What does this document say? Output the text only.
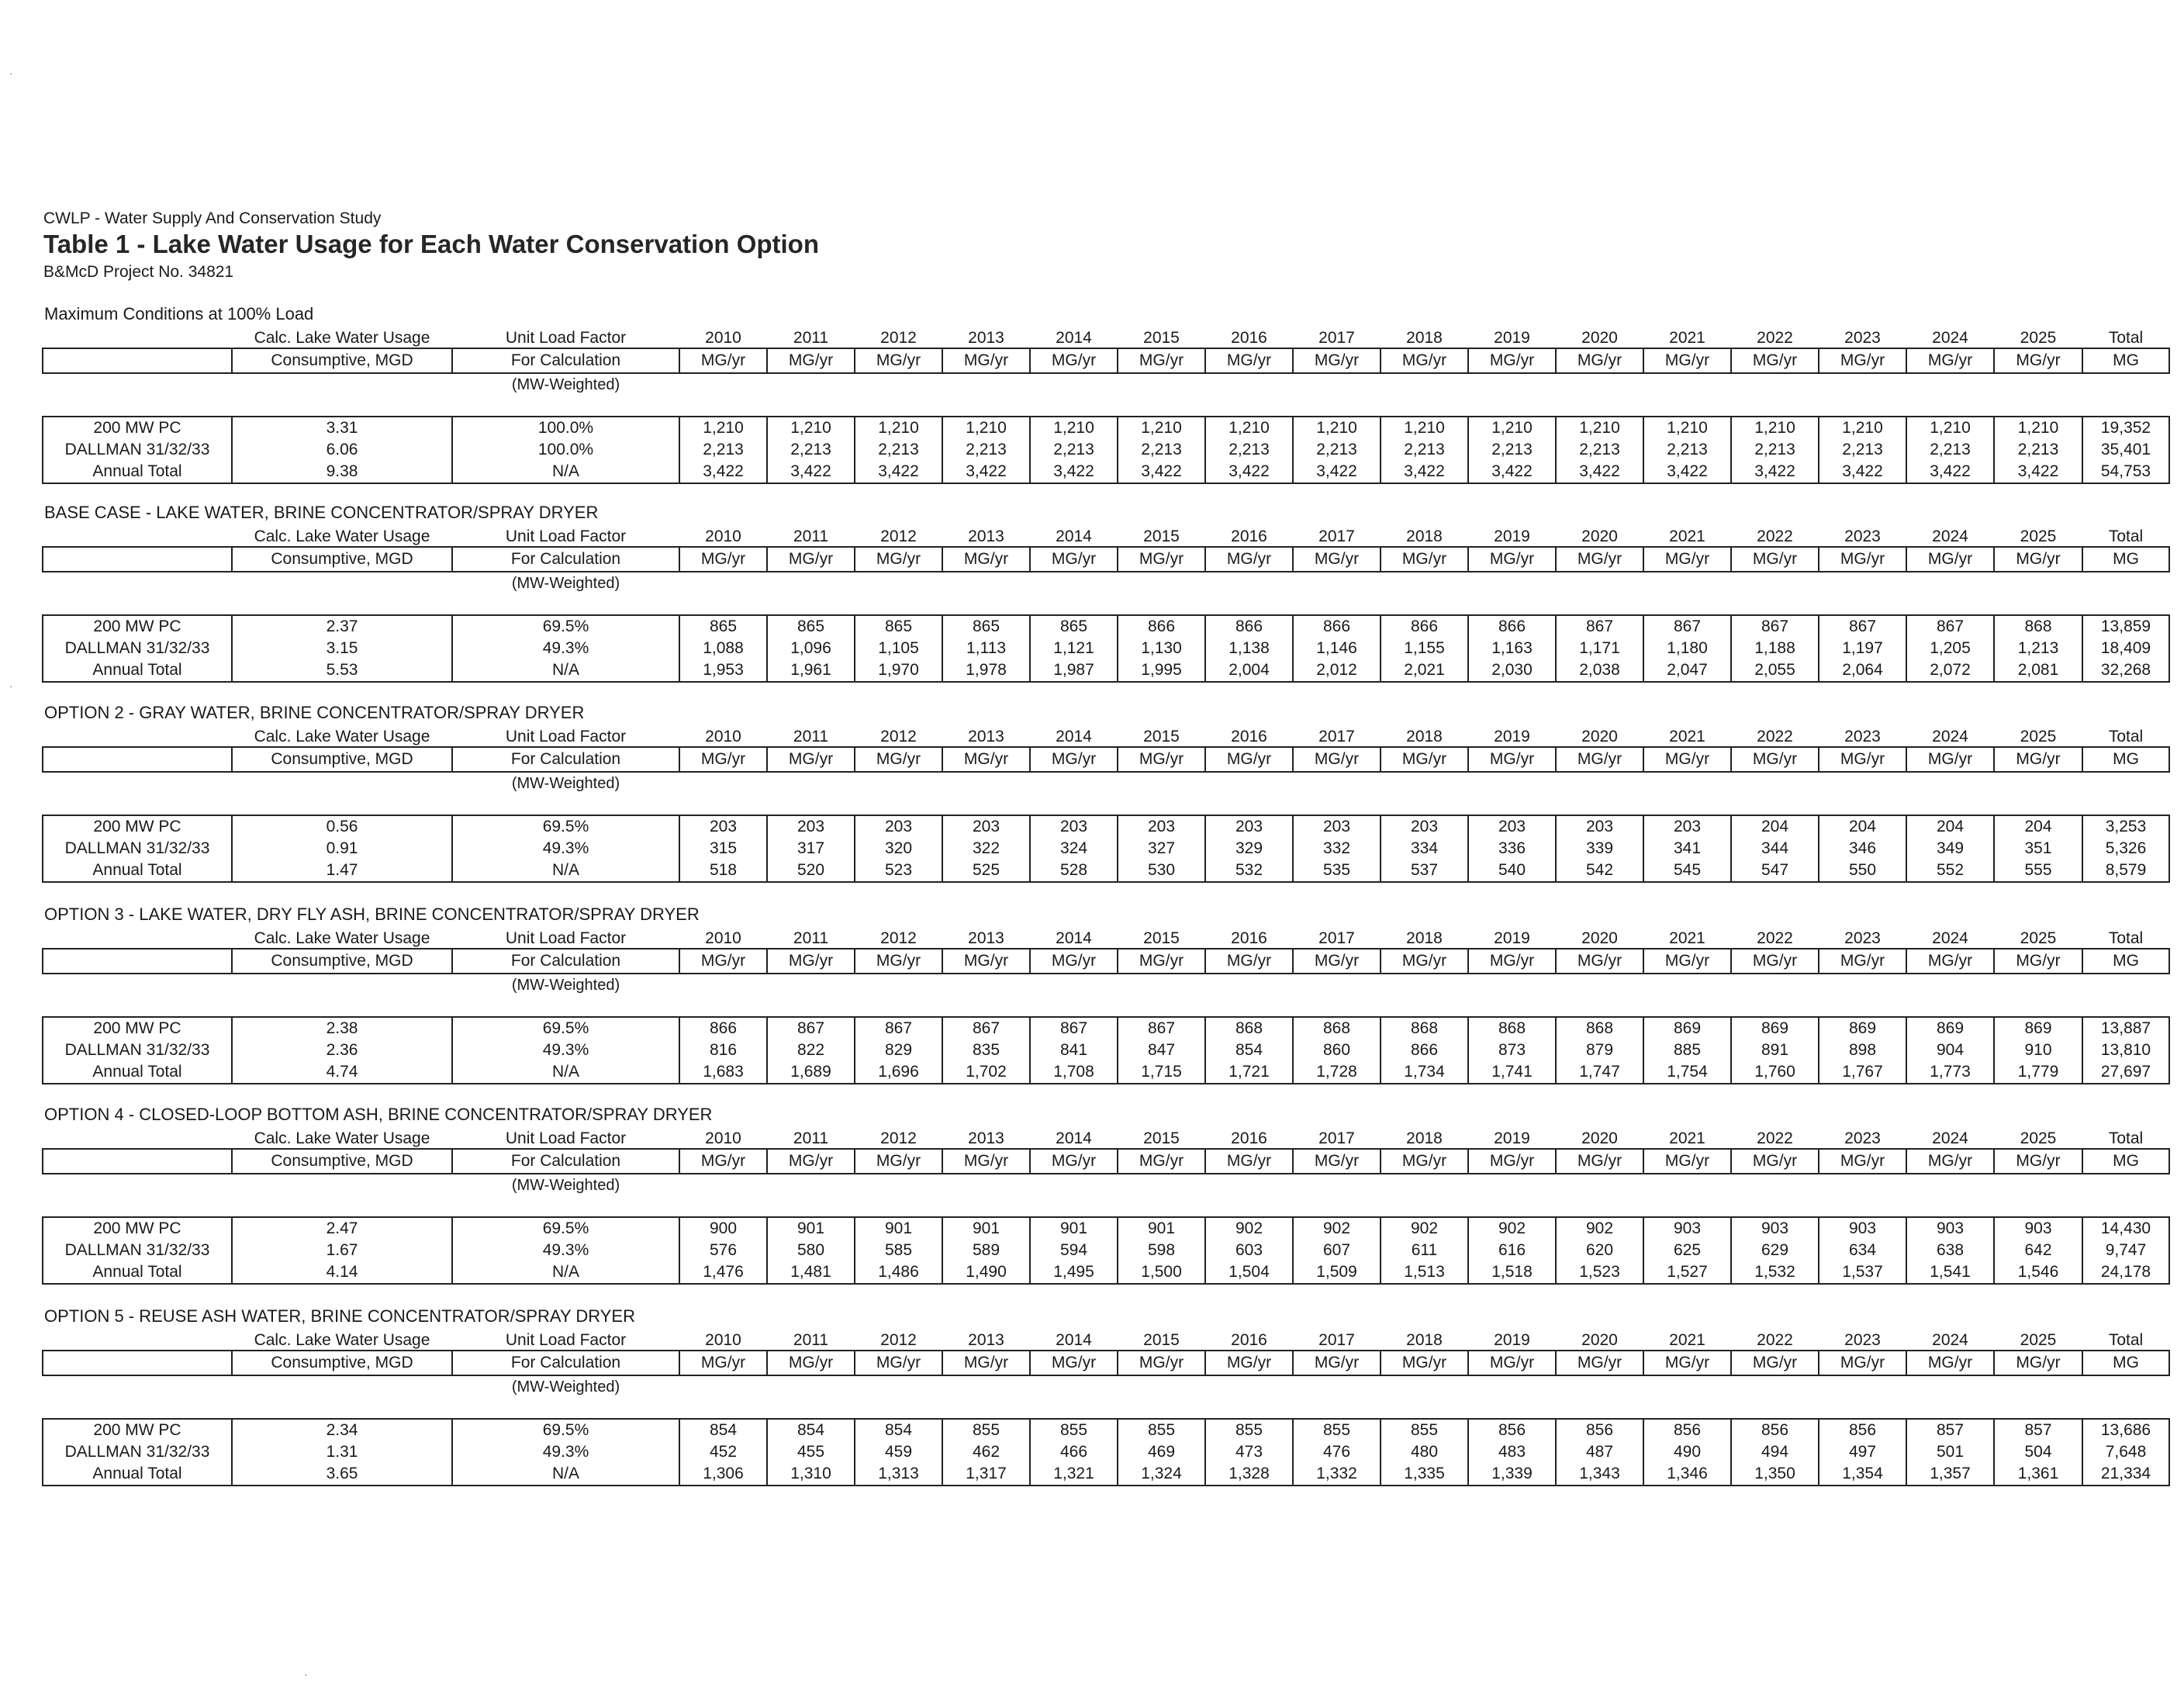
CWLP - Water Supply And Conservation Study
Table 1 - Lake Water Usage for Each Water Conservation Option
B&McD Project No. 34821
Maximum Conditions at 100% Load
	Calc. Lake Water Usage	Unit Load Factor	2010	2011	2012	2013	2014	2015	2016	2017	2018	2019	2020	2021	2022	2023	2024	2025	Total
	Consumptive, MGD	For Calculation	MG/yr	MG/yr	MG/yr	MG/yr	MG/yr	MG/yr	MG/yr	MG/yr	MG/yr	MG/yr	MG/yr	MG/yr	MG/yr	MG/yr	MG/yr	MG/yr	MG
		(MW-Weighted)																	
200 MW PC	3.31	100.0%	1,210	1,210	1,210	1,210	1,210	1,210	1,210	1,210	1,210	1,210	1,210	1,210	1,210	1,210	1,210	1,210	19,352
DALLMAN 31/32/33	6.06	100.0%	2,213	2,213	2,213	2,213	2,213	2,213	2,213	2,213	2,213	2,213	2,213	2,213	2,213	2,213	2,213	2,213	35,401
Annual Total	9.38	N/A	3,422	3,422	3,422	3,422	3,422	3,422	3,422	3,422	3,422	3,422	3,422	3,422	3,422	3,422	3,422	3,422	54,753
BASE CASE - LAKE WATER, BRINE CONCENTRATOR/SPRAY DRYER
	Calc. Lake Water Usage	Unit Load Factor	2010	2011	2012	2013	2014	2015	2016	2017	2018	2019	2020	2021	2022	2023	2024	2025	Total
	Consumptive, MGD	For Calculation	MG/yr	MG/yr	MG/yr	MG/yr	MG/yr	MG/yr	MG/yr	MG/yr	MG/yr	MG/yr	MG/yr	MG/yr	MG/yr	MG/yr	MG/yr	MG/yr	MG
		(MW-Weighted)																	
200 MW PC	2.37	69.5%	865	865	865	865	865	866	866	866	866	866	867	867	867	867	867	868	13,859
DALLMAN 31/32/33	3.15	49.3%	1,088	1,096	1,105	1,113	1,121	1,130	1,138	1,146	1,155	1,163	1,171	1,180	1,188	1,197	1,205	1,213	18,409
Annual Total	5.53	N/A	1,953	1,961	1,970	1,978	1,987	1,995	2,004	2,012	2,021	2,030	2,038	2,047	2,055	2,064	2,072	2,081	32,268
OPTION 2 - GRAY WATER, BRINE CONCENTRATOR/SPRAY DRYER
	Calc. Lake Water Usage	Unit Load Factor	2010	2011	2012	2013	2014	2015	2016	2017	2018	2019	2020	2021	2022	2023	2024	2025	Total
	Consumptive, MGD	For Calculation	MG/yr	MG/yr	MG/yr	MG/yr	MG/yr	MG/yr	MG/yr	MG/yr	MG/yr	MG/yr	MG/yr	MG/yr	MG/yr	MG/yr	MG/yr	MG/yr	MG
		(MW-Weighted)																	
200 MW PC	0.56	69.5%	203	203	203	203	203	203	203	203	203	203	203	203	204	204	204	204	3,253
DALLMAN 31/32/33	0.91	49.3%	315	317	320	322	324	327	329	332	334	336	339	341	344	346	349	351	5,326
Annual Total	1.47	N/A	518	520	523	525	528	530	532	535	537	540	542	545	547	550	552	555	8,579
OPTION 3 - LAKE WATER, DRY FLY ASH, BRINE CONCENTRATOR/SPRAY DRYER
	Calc. Lake Water Usage	Unit Load Factor	2010	2011	2012	2013	2014	2015	2016	2017	2018	2019	2020	2021	2022	2023	2024	2025	Total
	Consumptive, MGD	For Calculation	MG/yr	MG/yr	MG/yr	MG/yr	MG/yr	MG/yr	MG/yr	MG/yr	MG/yr	MG/yr	MG/yr	MG/yr	MG/yr	MG/yr	MG/yr	MG/yr	MG
		(MW-Weighted)																	
200 MW PC	2.38	69.5%	866	867	867	867	867	867	868	868	868	868	868	869	869	869	869	869	13,887
DALLMAN 31/32/33	2.36	49.3%	816	822	829	835	841	847	854	860	866	873	879	885	891	898	904	910	13,810
Annual Total	4.74	N/A	1,683	1,689	1,696	1,702	1,708	1,715	1,721	1,728	1,734	1,741	1,747	1,754	1,760	1,767	1,773	1,779	27,697
OPTION 4 - CLOSED-LOOP BOTTOM ASH, BRINE CONCENTRATOR/SPRAY DRYER
	Calc. Lake Water Usage	Unit Load Factor	2010	2011	2012	2013	2014	2015	2016	2017	2018	2019	2020	2021	2022	2023	2024	2025	Total
	Consumptive, MGD	For Calculation	MG/yr	MG/yr	MG/yr	MG/yr	MG/yr	MG/yr	MG/yr	MG/yr	MG/yr	MG/yr	MG/yr	MG/yr	MG/yr	MG/yr	MG/yr	MG/yr	MG
		(MW-Weighted)																	
200 MW PC	2.47	69.5%	900	901	901	901	901	901	902	902	902	902	902	903	903	903	903	903	14,430
DALLMAN 31/32/33	1.67	49.3%	576	580	585	589	594	598	603	607	611	616	620	625	629	634	638	642	9,747
Annual Total	4.14	N/A	1,476	1,481	1,486	1,490	1,495	1,500	1,504	1,509	1,513	1,518	1,523	1,527	1,532	1,537	1,541	1,546	24,178
OPTION 5 - REUSE ASH WATER, BRINE CONCENTRATOR/SPRAY DRYER
	Calc. Lake Water Usage	Unit Load Factor	2010	2011	2012	2013	2014	2015	2016	2017	2018	2019	2020	2021	2022	2023	2024	2025	Total
	Consumptive, MGD	For Calculation	MG/yr	MG/yr	MG/yr	MG/yr	MG/yr	MG/yr	MG/yr	MG/yr	MG/yr	MG/yr	MG/yr	MG/yr	MG/yr	MG/yr	MG/yr	MG/yr	MG
		(MW-Weighted)																	
200 MW PC	2.34	69.5%	854	854	854	855	855	855	855	855	855	856	856	856	856	856	857	857	13,686
DALLMAN 31/32/33	1.31	49.3%	452	455	459	462	466	469	473	476	480	483	487	490	494	497	501	504	7,648
Annual Total	3.65	N/A	1,306	1,310	1,313	1,317	1,321	1,324	1,328	1,332	1,335	1,339	1,343	1,346	1,350	1,354	1,357	1,361	21,334
·
·
·
